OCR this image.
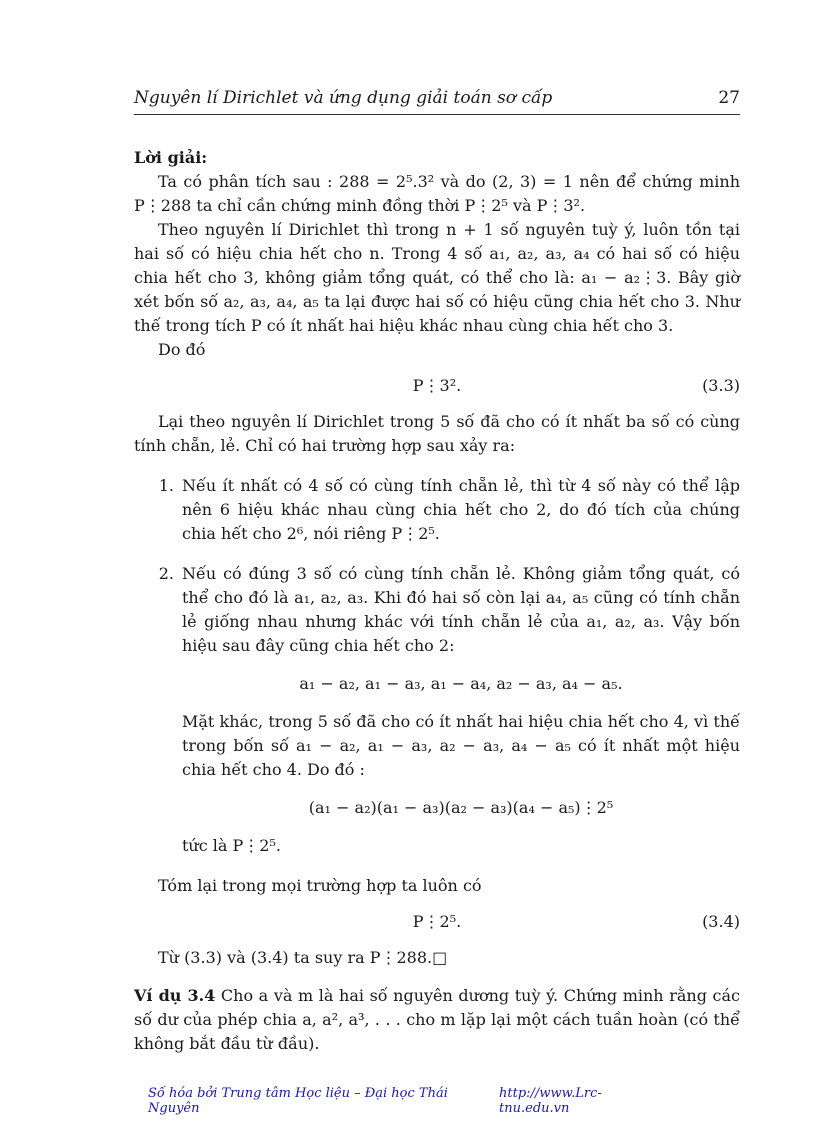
Nguyên lí Dirichlet và ứng dụng giải toán sơ cấp	27

Lời giải:

Ta có phân tích sau : 288 = 2⁵.3² và do (2, 3) = 1 nên để chứng minh P⋮288 ta chỉ cần chứng minh đồng thời P⋮2⁵ và P⋮3².

Theo nguyên lí Dirichlet thì trong n + 1 số nguyên tuỳ ý, luôn tồn tại hai số có hiệu chia hết cho n. Trong 4 số a₁, a₂, a₃, a₄ có hai số có hiệu chia hết cho 3, không giảm tổng quát, có thể cho là: a₁ − a₂⋮3. Bây giờ xét bốn số a₂, a₃, a₄, a₅ ta lại được hai số có hiệu cũng chia hết cho 3. Như thế trong tích P có ít nhất hai hiệu khác nhau cùng chia hết cho 3.

Do đó

P⋮3².	(3.3)

Lại theo nguyên lí Dirichlet trong 5 số đã cho có ít nhất ba số có cùng tính chẵn, lẻ. Chỉ có hai trường hợp sau xảy ra:

1. Nếu ít nhất có 4 số có cùng tính chẵn lẻ, thì từ 4 số này có thể lập nên 6 hiệu khác nhau cùng chia hết cho 2, do đó tích của chúng chia hết cho 2⁶, nói riêng P⋮2⁵.

2. Nếu có đúng 3 số có cùng tính chẵn lẻ. Không giảm tổng quát, có thể cho đó là a₁, a₂, a₃. Khi đó hai số còn lại a₄, a₅ cũng có tính chẵn lẻ giống nhau nhưng khác với tính chẵn lẻ của a₁, a₂, a₃. Vậy bốn hiệu sau đây cũng chia hết cho 2:

a₁ − a₂, a₁ − a₃, a₁ − a₄, a₂ − a₃, a₄ − a₅.

Mặt khác, trong 5 số đã cho có ít nhất hai hiệu chia hết cho 4, vì thế trong bốn số a₁ − a₂, a₁ − a₃, a₂ − a₃, a₄ − a₅ có ít nhất một hiệu chia hết cho 4. Do đó :

(a₁ − a₂)(a₁ − a₃)(a₂ − a₃)(a₄ − a₅)⋮2⁵

tức là P⋮2⁵.

Tóm lại trong mọi trường hợp ta luôn có

P⋮2⁵.	(3.4)

Từ (3.3) và (3.4) ta suy ra P⋮288.□

Ví dụ 3.4 Cho a và m là hai số nguyên dương tuỳ ý. Chứng minh rằng các số dư của phép chia a, a², a³, . . . cho m lặp lại một cách tuần hoàn (có thể không bắt đầu từ đầu).

Số hóa bởi Trung tâm Học liệu – Đại học Thái Nguyên
http://www.Lrc-tnu.edu.vn
